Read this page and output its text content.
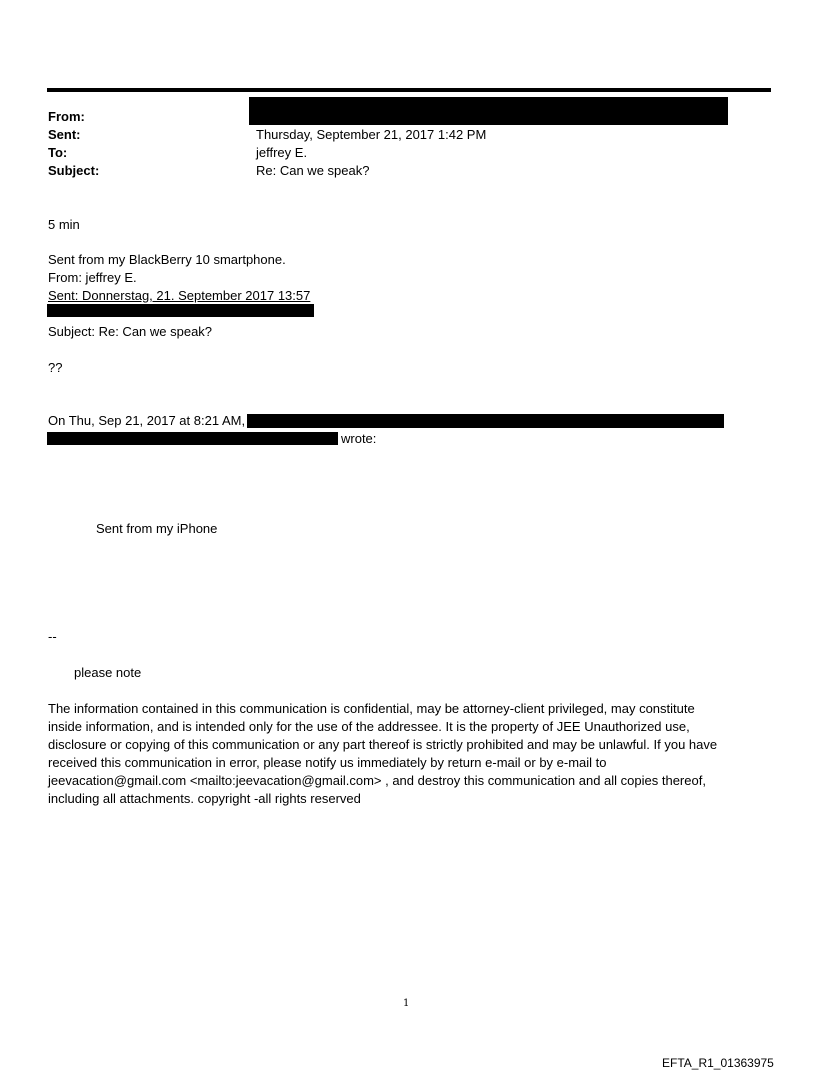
From:
Sent:	Thursday, September 21, 2017 1:42 PM
To:	jeffrey E.
Subject:	Re: Can we speak?
5 min
Sent from my BlackBerry 10 smartphone.
From: jeffrey E.
Sent: Donnerstag, 21. September 2017 13:57
Subject: Re: Can we speak?
??
On Thu, Sep 21, 2017 at 8:21 AM,
wrote:
Sent from my iPhone
--
please note
The information contained in this communication is confidential, may be attorney-client privileged, may constitute
inside information, and is intended only for the use of the addressee. It is the property of JEE Unauthorized use,
disclosure or copying of this communication or any part thereof is strictly prohibited and may be unlawful. If you have
received this communication in error, please notify us immediately by return e-mail or by e-mail to
jeevacation@gmail.com <mailto:jeevacation@gmail.com> , and destroy this communication and all copies thereof,
including all attachments. copyright -all rights reserved
1
EFTA_R1_01363975
